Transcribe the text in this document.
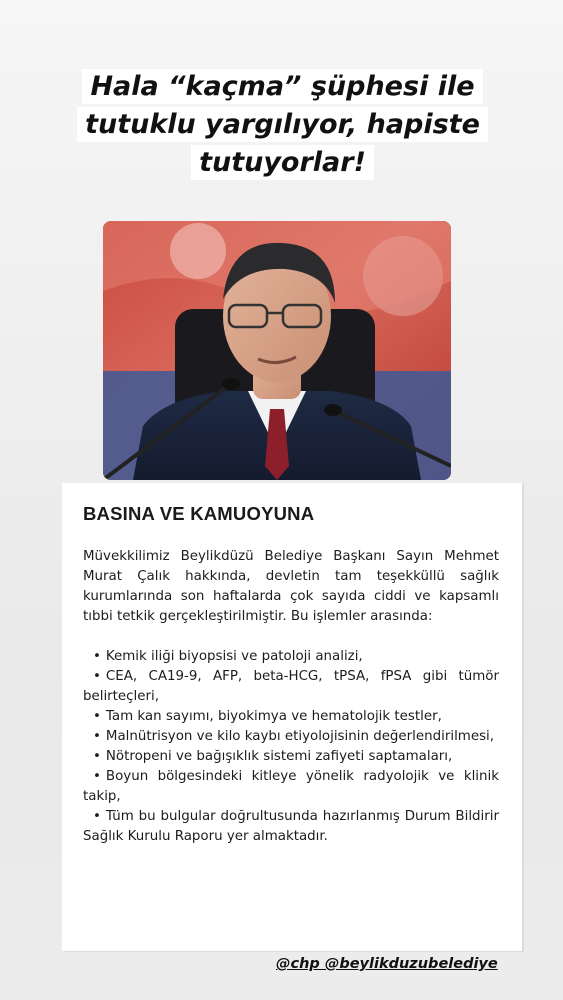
Hala “kaçma” şüphesi ile tutuklu yargılıyor, hapiste tutuyorlar!
BASINA VE KAMUOYUNA

Müvekkilimiz Beylikdüzü Belediye Başkanı Sayın Mehmet Murat Çalık hakkında, devletin tam teşekküllü sağlık kurumlarında son haftalarda çok sayıda ciddi ve kapsamlı tıbbi tetkik gerçekleştirilmiştir. Bu işlemler arasında:

• Kemik iliği biyopsisi ve patoloji analizi,
• CEA, CA19-9, AFP, beta-HCG, tPSA, fPSA gibi tümör belirteçleri,
• Tam kan sayımı, biyokimya ve hematolojik testler,
• Malnütrisyon ve kilo kaybı etiyolojisinin değerlendirilmesi,
• Nötropeni ve bağışıklık sistemi zafiyeti saptamaları,
• Boyun bölgesindeki kitleye yönelik radyolojik ve klinik takip,
• Tüm bu bulgular doğrultusunda hazırlanmış Durum Bildirir Sağlık Kurulu Raporu yer almaktadır.
@chp @beylikduzubelediye
